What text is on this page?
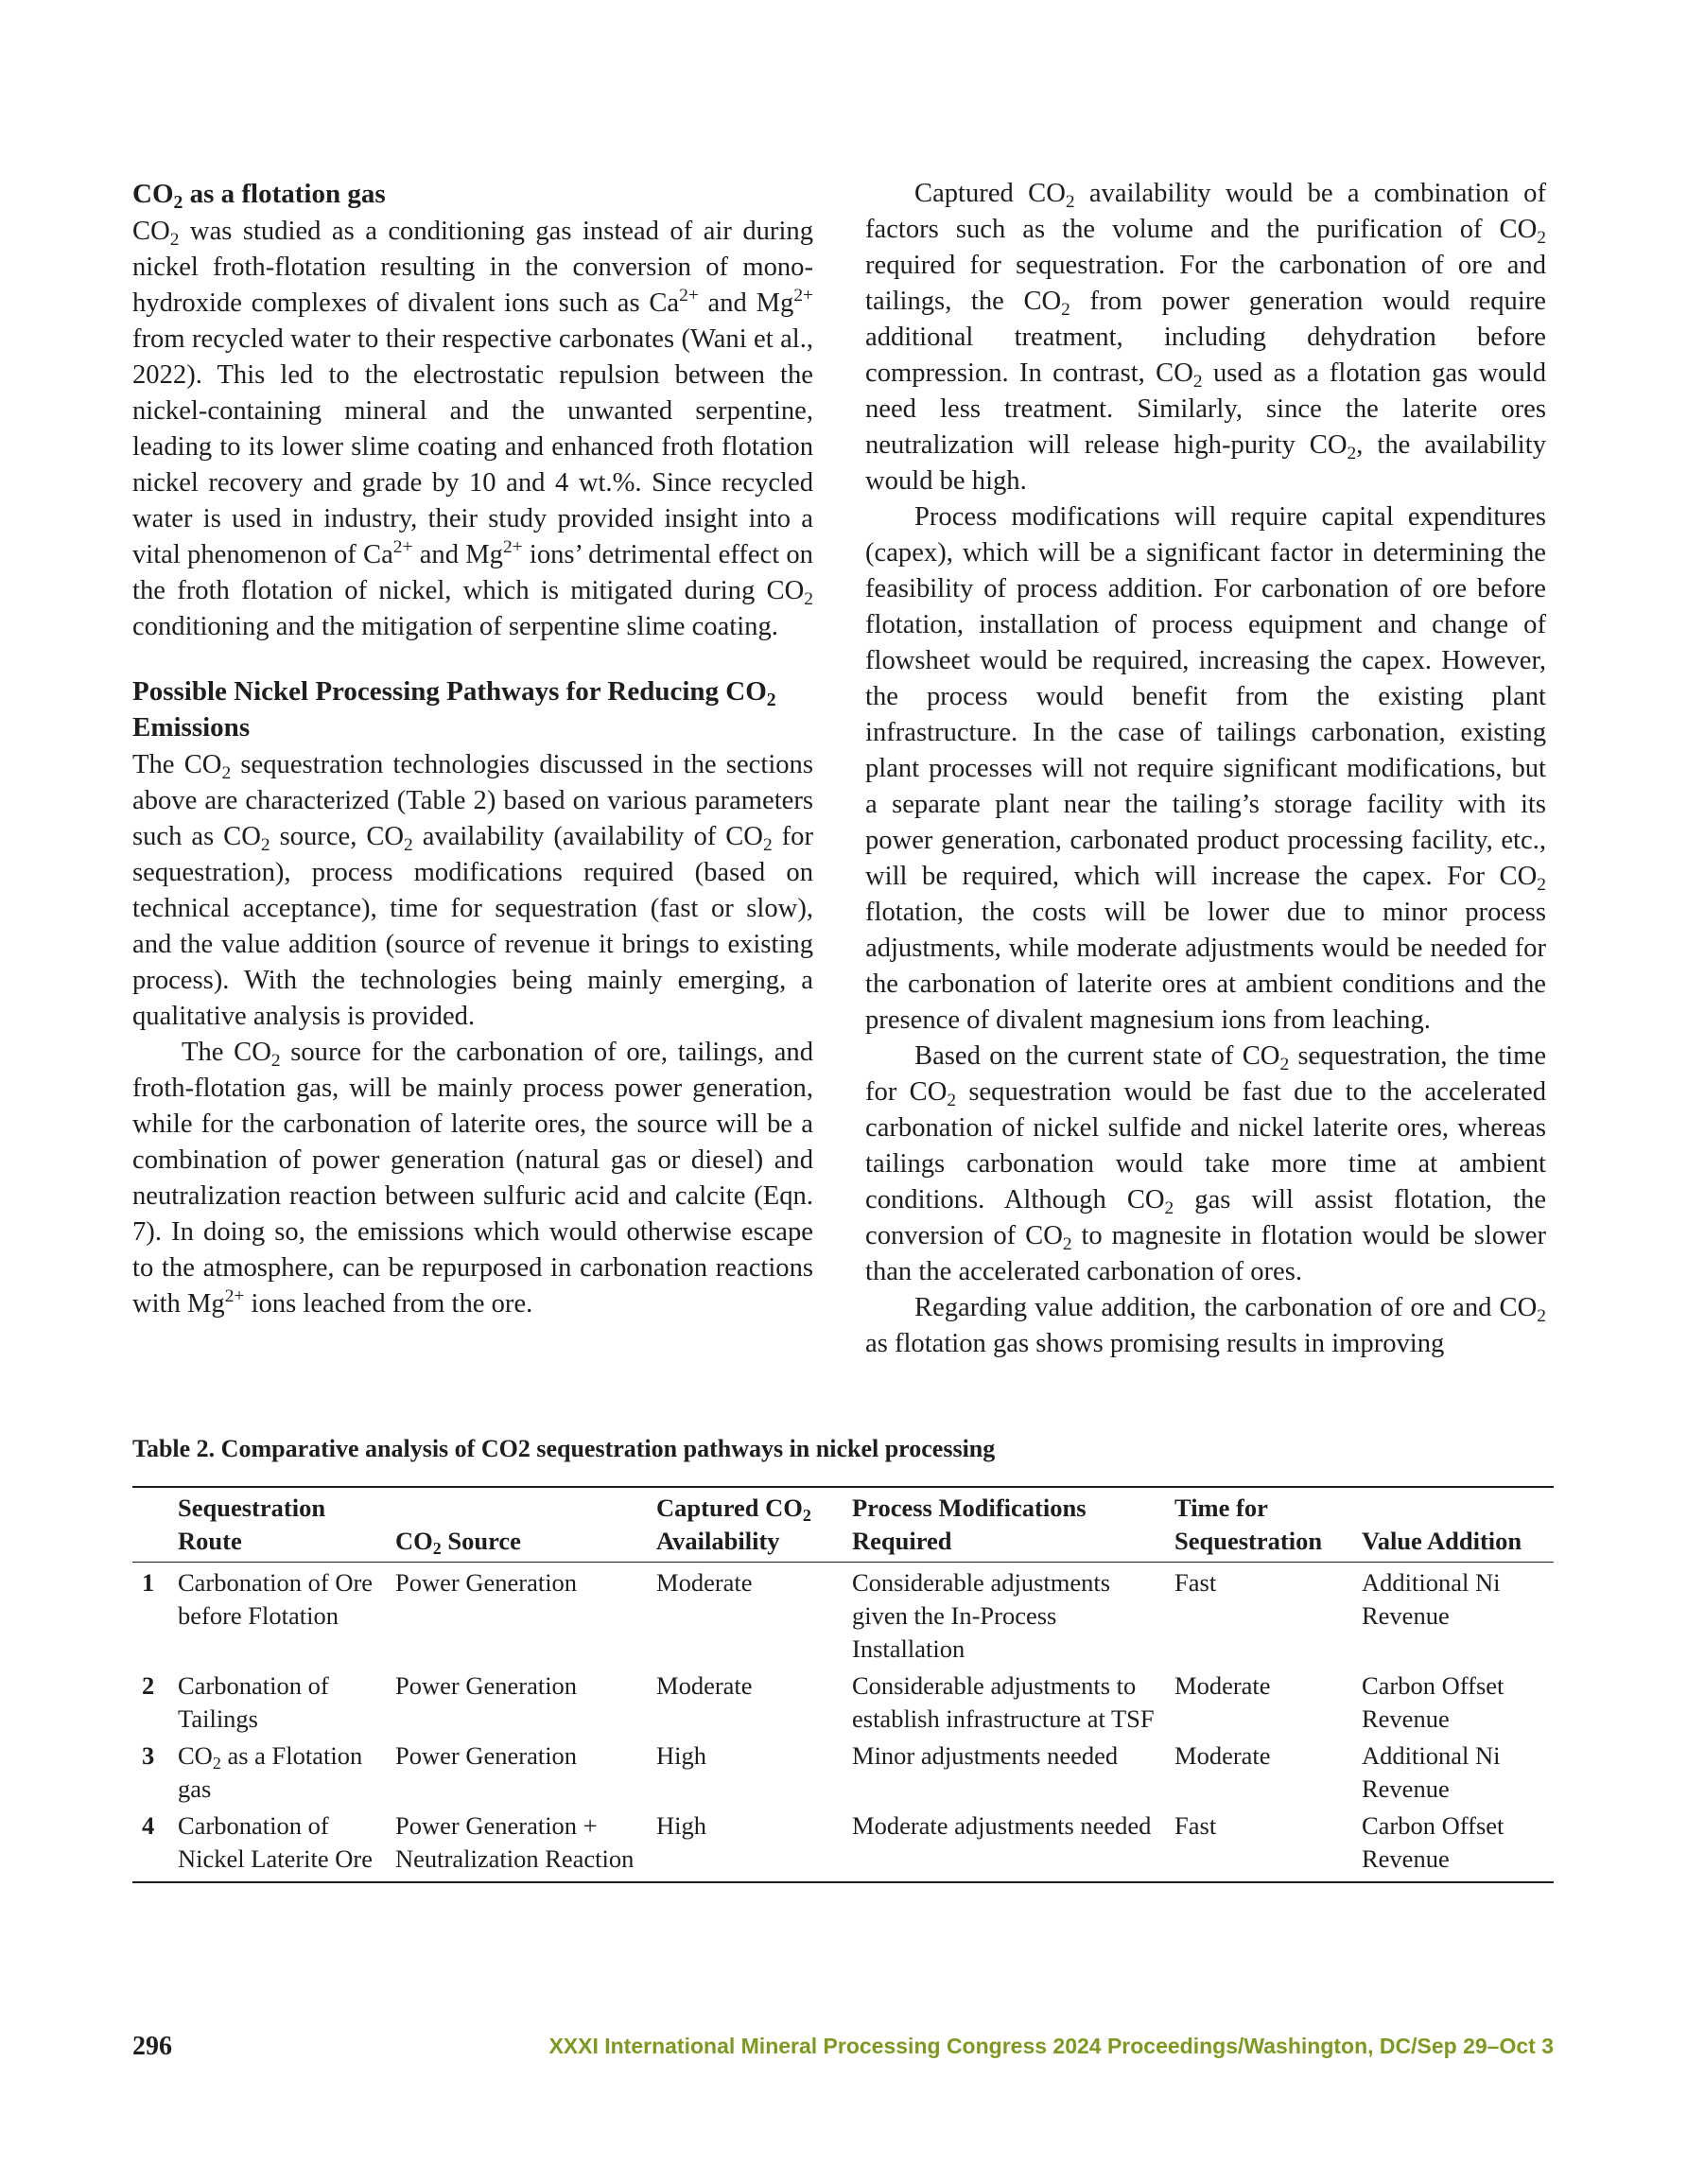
$CO_2$ as a flotation gas

$CO_2$ was studied as a conditioning gas instead of air during nickel froth-flotation resulting in the conversion of mono-hydroxide complexes of divalent ions such as $Ca^{2+}$ and $Mg^{2+}$ from recycled water to their respective carbonates (Wani et al., 2022). This led to the electrostatic repulsion between the nickel-containing mineral and the unwanted serpentine, leading to its lower slime coating and enhanced froth flotation nickel recovery and grade by 10 and 4 wt.%. Since recycled water is used in industry, their study provided insight into a vital phenomenon of $Ca^{2+}$ and $Mg^{2+}$ ions’ detrimental effect on the froth flotation of nickel, which is mitigated during $CO_2$ conditioning and the mitigation of serpentine slime coating.

Possible Nickel Processing Pathways for Reducing $CO_2$ Emissions

The $CO_2$ sequestration technologies discussed in the sections above are characterized (Table 2) based on various parameters such as $CO_2$ source, $CO_2$ availability (availability of $CO_2$ for sequestration), process modifications required (based on technical acceptance), time for sequestration (fast or slow), and the value addition (source of revenue it brings to existing process). With the technologies being mainly emerging, a qualitative analysis is provided.

The $CO_2$ source for the carbonation of ore, tailings, and froth-flotation gas, will be mainly process power generation, while for the carbonation of laterite ores, the source will be a combination of power generation (natural gas or diesel) and neutralization reaction between sulfuric acid and calcite (Eqn. 7). In doing so, the emissions which would otherwise escape to the atmosphere, can be repurposed in carbonation reactions with $Mg^{2+}$ ions leached from the ore.

Captured $CO_2$ availability would be a combination of factors such as the volume and the purification of $CO_2$ required for sequestration. For the carbonation of ore and tailings, the $CO_2$ from power generation would require additional treatment, including dehydration before compression. In contrast, $CO_2$ used as a flotation gas would need less treatment. Similarly, since the laterite ores neutralization will release high-purity $CO_2$, the availability would be high.

Process modifications will require capital expenditures (capex), which will be a significant factor in determining the feasibility of process addition. For carbonation of ore before flotation, installation of process equipment and change of flowsheet would be required, increasing the capex. However, the process would benefit from the existing plant infrastructure. In the case of tailings carbonation, existing plant processes will not require significant modifications, but a separate plant near the tailing’s storage facility with its power generation, carbonated product processing facility, etc., will be required, which will increase the capex. For $CO_2$ flotation, the costs will be lower due to minor process adjustments, while moderate adjustments would be needed for the carbonation of laterite ores at ambient conditions and the presence of divalent magnesium ions from leaching.

Based on the current state of $CO_2$ sequestration, the time for $CO_2$ sequestration would be fast due to the accelerated carbonation of nickel sulfide and nickel laterite ores, whereas tailings carbonation would take more time at ambient conditions. Although $CO_2$ gas will assist flotation, the conversion of $CO_2$ to magnesite in flotation would be slower than the accelerated carbonation of ores.

Regarding value addition, the carbonation of ore and $CO_2$ as flotation gas shows promising results in improving

Table 2. Comparative analysis of CO2 sequestration pathways in nickel processing
	Sequestration Route	$CO_2$ Source	Captured $CO_2$ Availability	Process Modifications Required	Time for Sequestration	Value Addition
1	Carbonation of Ore before Flotation	Power Generation	Moderate	Considerable adjustments given the In-Process Installation	Fast	Additional Ni Revenue
2	Carbonation of Tailings	Power Generation	Moderate	Considerable adjustments to establish infrastructure at TSF	Moderate	Carbon Offset Revenue
3	$CO_2$ as a Flotation gas	Power Generation	High	Minor adjustments needed	Moderate	Additional Ni Revenue
4	Carbonation of Nickel Laterite Ore	Power Generation + Neutralization Reaction	High	Moderate adjustments needed	Fast	Carbon Offset Revenue
296	XXXI International Mineral Processing Congress 2024 Proceedings/Washington, DC/Sep 29–Oct 3
